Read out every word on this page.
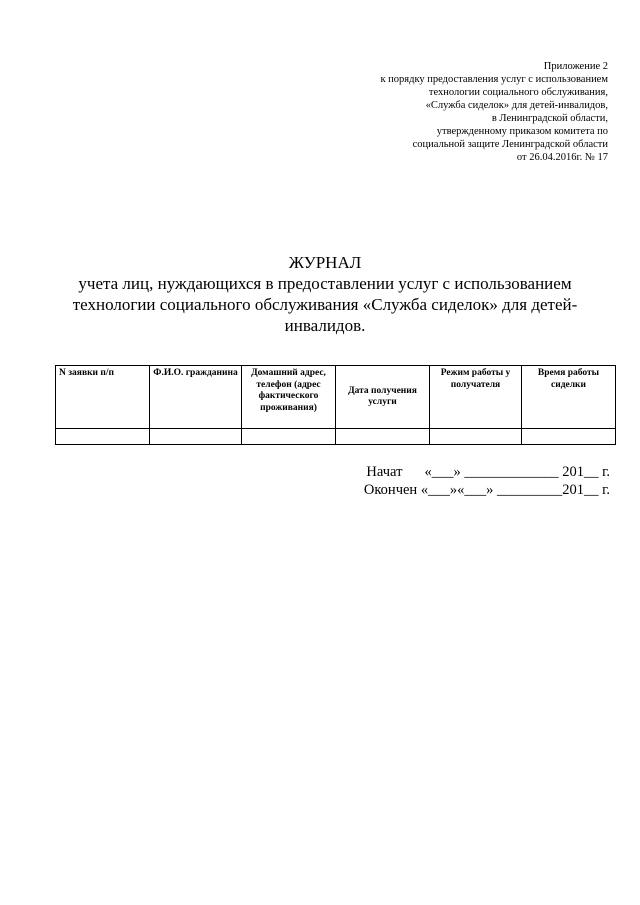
Приложение 2
к порядку предоставления услуг с использованием
технологии социального обслуживания,
«Служба сиделок» для детей-инвалидов,
в Ленинградской области,
утвержденному приказом комитета по
социальной защите Ленинградской области
от 26.04.2016г. № 17
ЖУРНАЛ
учета лиц, нуждающихся в предоставлении услуг с использованием
технологии социального обслуживания «Служба сиделок» для детей-
инвалидов.
N заявки п/п	Ф.И.О. гражданина	Домашний адрес, телефон (адрес фактического проживания)	Дата получения услуги	Режим работы у получателя	Время работы сиделки

Начат «___» _____________ 201__ г.
Окончен
«___»«___» _________201__ г.
